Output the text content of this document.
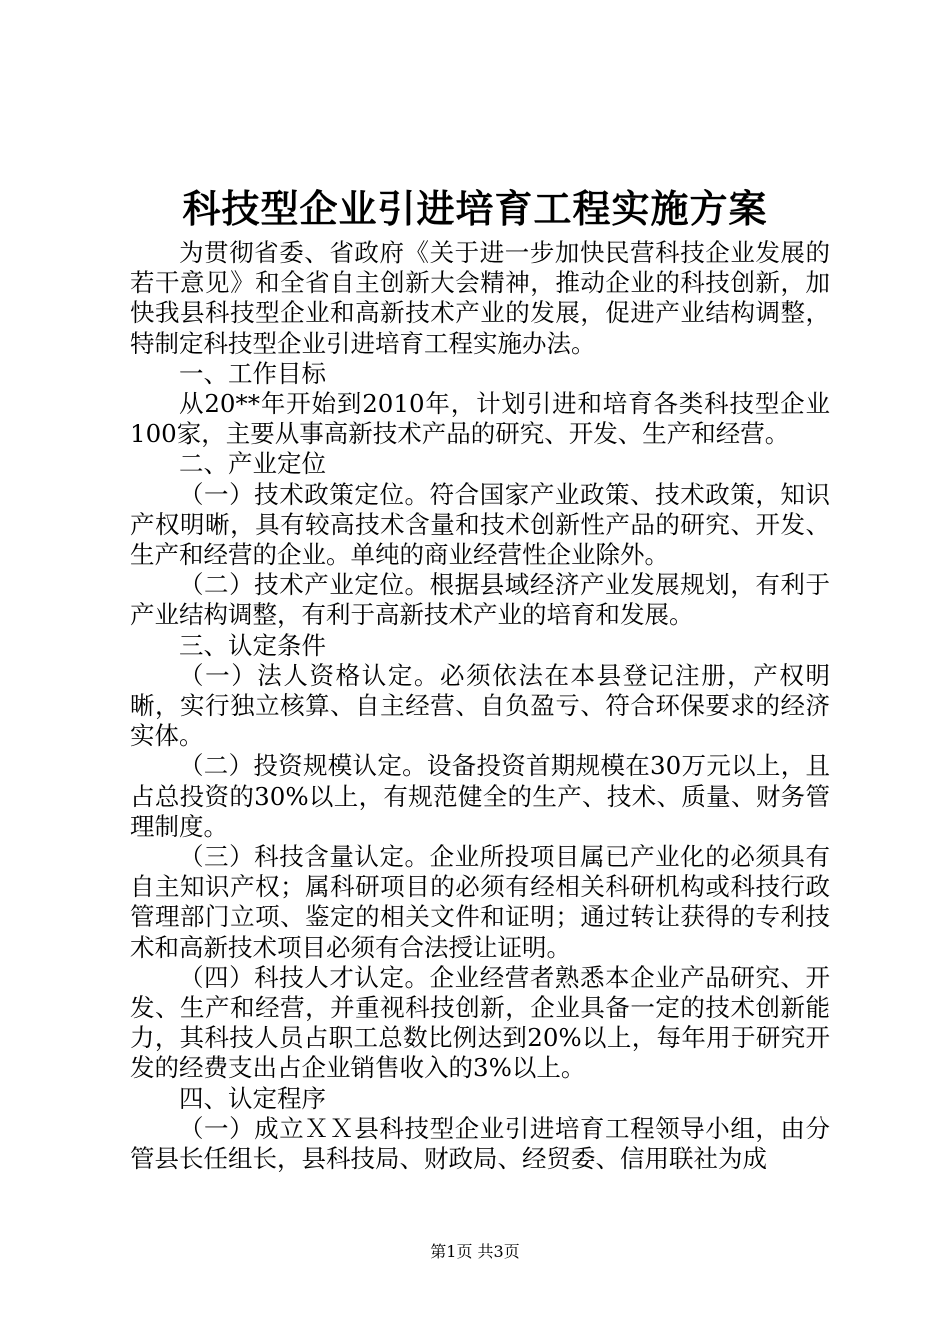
科技型企业引进培育工程实施方案

为贯彻省委、省政府《关于进一步加快民营科技企业发展的若干意见》和全省自主创新大会精神，推动企业的科技创新，加快我县科技型企业和高新技术产业的发展，促进产业结构调整，特制定科技型企业引进培育工程实施办法。

一、工作目标

从20**年开始到2010年，计划引进和培育各类科技型企业100家，主要从事高新技术产品的研究、开发、生产和经营。

二、产业定位

（一）技术政策定位。符合国家产业政策、技术政策，知识产权明晰，具有较高技术含量和技术创新性产品的研究、开发、生产和经营的企业。单纯的商业经营性企业除外。

（二）技术产业定位。根据县域经济产业发展规划，有利于产业结构调整，有利于高新技术产业的培育和发展。

三、认定条件

（一）法人资格认定。必须依法在本县登记注册，产权明晰，实行独立核算、自主经营、自负盈亏、符合环保要求的经济实体。

（二）投资规模认定。设备投资首期规模在30万元以上，且占总投资的30%以上，有规范健全的生产、技术、质量、财务管理制度。

（三）科技含量认定。企业所投项目属已产业化的必须具有自主知识产权；属科研项目的必须有经相关科研机构或科技行政管理部门立项、鉴定的相关文件和证明；通过转让获得的专利技术和高新技术项目必须有合法授让证明。

（四）科技人才认定。企业经营者熟悉本企业产品研究、开发、生产和经营，并重视科技创新，企业具备一定的技术创新能力，其科技人员占职工总数比例达到20%以上，每年用于研究开发的经费支出占企业销售收入的3%以上。

四、认定程序

（一）成立ＸＸ县科技型企业引进培育工程领导小组，由分管县长任组长，县科技局、财政局、经贸委、信用联社为成

第1页 共3页
